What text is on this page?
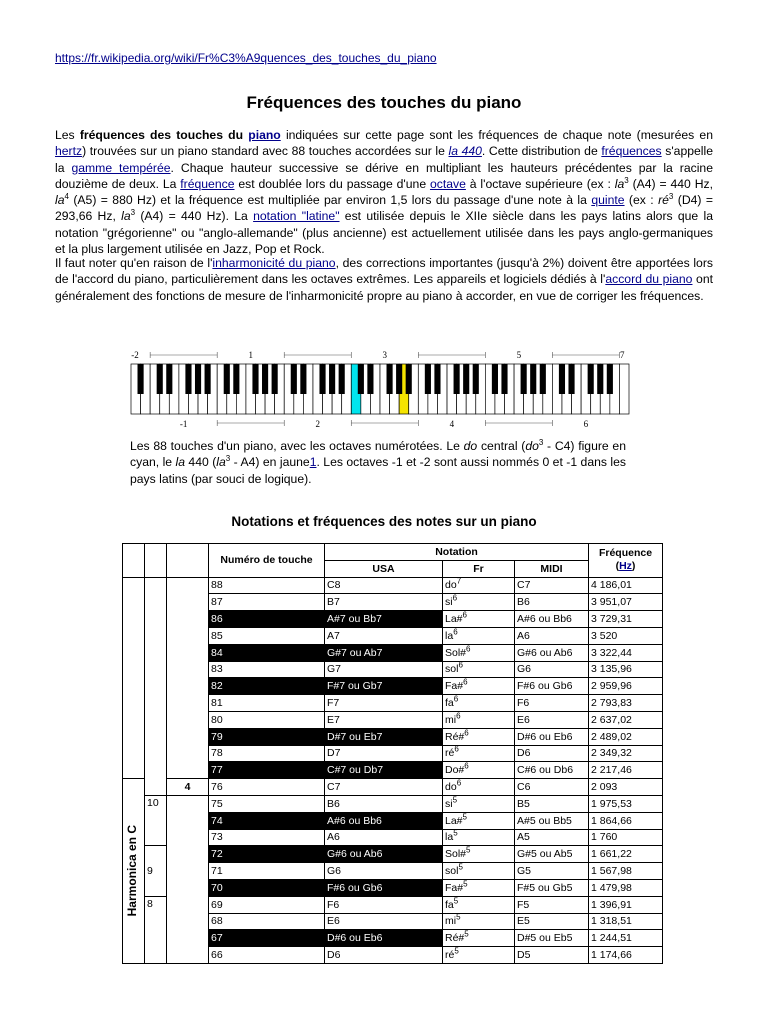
https://fr.wikipedia.org/wiki/Fr%C3%A9quences_des_touches_du_piano
Fréquences des touches du piano

Les fréquences des touches du piano indiquées sur cette page sont les fréquences de chaque note (mesurées en hertz) trouvées sur un piano standard avec 88 touches accordées sur le la 440. Cette distribution de fréquences s'appelle la gamme tempérée. Chaque hauteur successive se dérive en multipliant les hauteurs précédentes par la racine douzième de deux. La fréquence est doublée lors du passage d'une octave à l'octave supérieure (ex : $la^3$ (A4) = 440 Hz, $la^4$ (A5) = 880 Hz) et la fréquence est multipliée par environ 1,5 lors du passage d'une note à la quinte (ex : $ré^3$ (D4) = 293,66 Hz, $la^3$ (A4) = 440 Hz). La notation "latine" est utilisée depuis le XIIe siècle dans les pays latins alors que la notation "grégorienne" ou "anglo-allemande" (plus ancienne) est actuellement utilisée dans les pays anglo-germaniques et la plus largement utilisée en Jazz, Pop et Rock.

Il faut noter qu'en raison de l'inharmonicité du piano, des corrections importantes (jusqu'à 2%) doivent être apportées lors de l'accord du piano, particulièrement dans les octaves extrêmes. Les appareils et logiciels dédiés à l'accord du piano ont généralement des fonctions de mesure de l'inharmonicité propre au piano à accorder, en vue de corriger les fréquences.

-2	1	3	5	7
-1	2	4	6

Les 88 touches d'un piano, avec les octaves numérotées. Le do central $(do^3 - C4)$ figure en cyan, le la 440 $(la^3 - A4)$ en jaune1. Les octaves -1 et -2 sont aussi nommés 0 et -1 dans les pays latins (par souci de logique).

Notations et fréquences des notes sur un piano
			Numéro de touche	Notation			Fréquence
(Hz)
				USA	Fr	MIDI	
			88	C8	$do^7$	C7	4 186,01
			87	B7	$si^6$	B6	3 951,07
			86	A#7 ou Bb7	La#$^6$	A#6 ou Bb6	3 729,31
			85	A7	$la^6$	A6	3 520
			84	G#7 ou Ab7	Sol#$^6$	G#6 ou Ab6	3 322,44
			83	G7	sol$^6$	G6	3 135,96
			82	F#7 ou Gb7	Fa#$^6$	F#6 ou Gb6	2 959,96
			81	F7	$fa^6$	F6	2 793,83
			80	E7	$mi^6$	E6	2 637,02
			79	D#7 ou Eb7	Ré#$^6$	D#6 ou Eb6	2 489,02
			78	D7	$ré^6$	D6	2 349,32
			77	C#7 ou Db7	Do#$^6$	C#6 ou Db6	2 217,46

Harmonica en C		4	76	C7	$do^6$	C6	2 093
	10		75	B6	$si^5$	B5	1 975,53
			74	A#6 ou Bb6	La#$^5$	A#5 ou Bb5	1 864,66
			73	A6	$la^5$	A5	1 760
	9		72	G#6 ou Ab6	Sol#$^5$	G#5 ou Ab5	1 661,22
			71	G6	sol$^5$	G5	1 567,98
			70	F#6 ou Gb6	Fa#$^5$	F#5 ou Gb5	1 479,98
	8		69	F6	$fa^5$	F5	1 396,91
			68	E6	$mi^5$	E5	1 318,51
			67	D#6 ou Eb6	Ré#$^5$	D#5 ou Eb5	1 244,51
			66	D6	$ré^5$	D5	1 174,66
